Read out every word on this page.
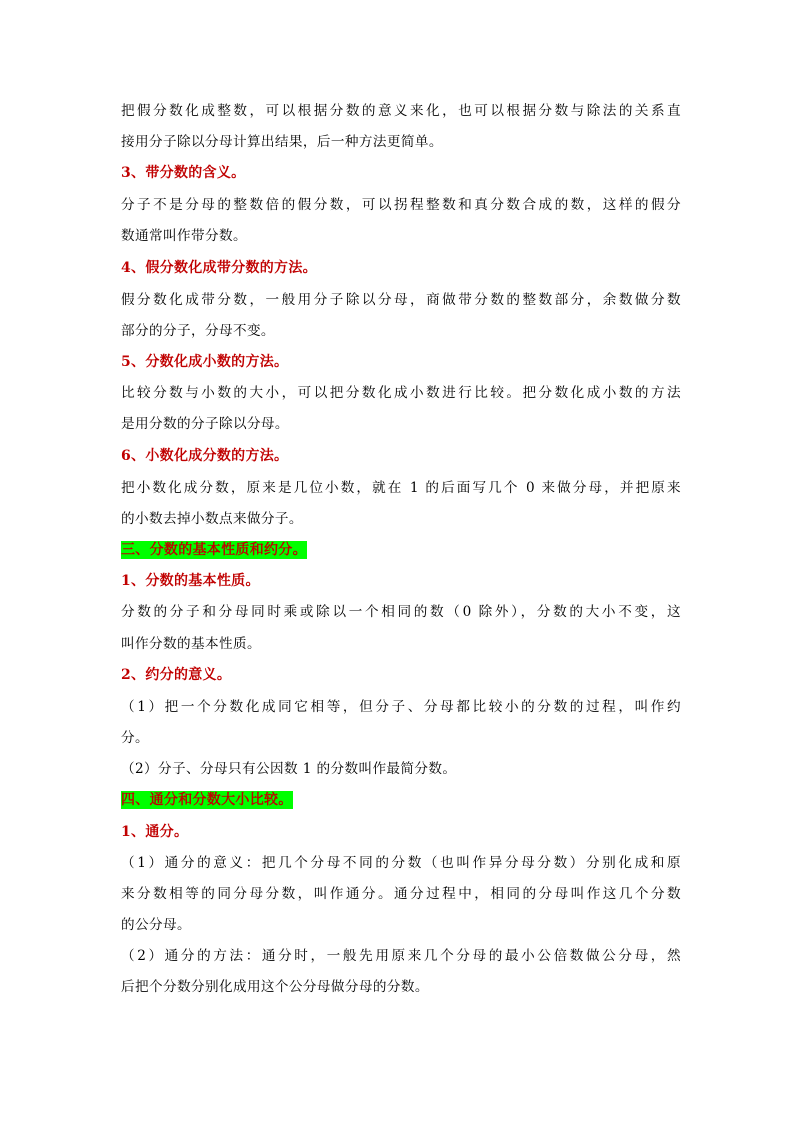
把假分数化成整数，可以根据分数的意义来化，也可以根据分数与除法的关系直
接用分子除以分母计算出结果，后一种方法更简单。
3、带分数的含义。
分子不是分母的整数倍的假分数，可以拐程整数和真分数合成的数，这样的假分
数通常叫作带分数。
4、假分数化成带分数的方法。
假分数化成带分数，一般用分子除以分母，商做带分数的整数部分，余数做分数
部分的分子，分母不变。
5、分数化成小数的方法。
比较分数与小数的大小，可以把分数化成小数进行比较。把分数化成小数的方法
是用分数的分子除以分母。
6、小数化成分数的方法。
把小数化成分数，原来是几位小数，就在 1 的后面写几个 0 来做分母，并把原来
的小数去掉小数点来做分子。
三、分数的基本性质和约分。
1、分数的基本性质。
分数的分子和分母同时乘或除以一个相同的数（0 除外），分数的大小不变，这
叫作分数的基本性质。
2、约分的意义。
（1）把一个分数化成同它相等，但分子、分母都比较小的分数的过程，叫作约
分。
（2）分子、分母只有公因数 1 的分数叫作最简分数。
四、通分和分数大小比较。
1、通分。
（1）通分的意义：把几个分母不同的分数（也叫作异分母分数）分别化成和原
来分数相等的同分母分数，叫作通分。通分过程中，相同的分母叫作这几个分数
的公分母。
（2）通分的方法：通分时，一般先用原来几个分母的最小公倍数做公分母，然
后把个分数分别化成用这个公分母做分母的分数。
